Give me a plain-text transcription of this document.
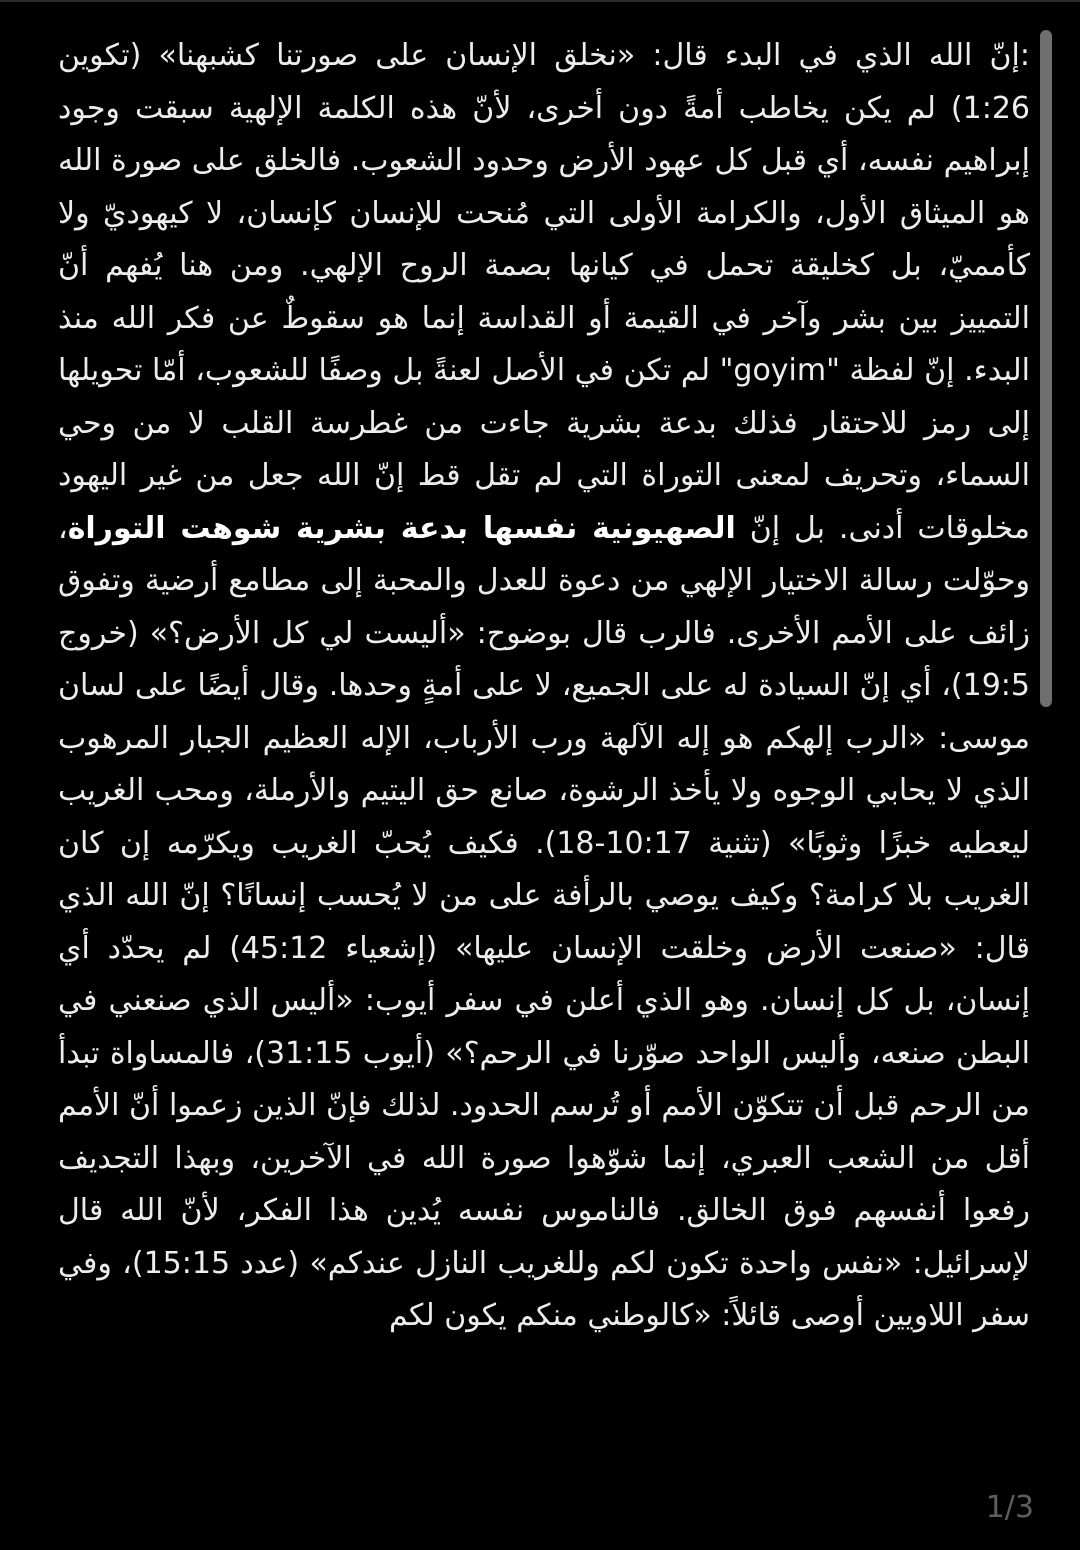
:إنّ الله الذي في البدء قال: «نخلق الإنسان على صورتنا كشبهنا» (تكوين 1:26) لم يكن يخاطب أمةً دون أخرى، لأنّ هذه الكلمة الإلهية سبقت وجود إبراهيم نفسه، أي قبل كل عهود الأرض وحدود الشعوب. فالخلق على صورة الله هو الميثاق الأول، والكرامة الأولى التي مُنحت للإنسان كإنسان، لا كيهوديّ ولا كأمميّ، بل كخليقة تحمل في كيانها بصمة الروح الإلهي. ومن هنا يُفهم أنّ التمييز بين بشر وآخر في القيمة أو القداسة إنما هو سقوطٌ عن فكر الله منذ البدء. إنّ لفظة "goyim" لم تكن في الأصل لعنةً بل وصفًا للشعوب، أمّا تحويلها إلى رمز للاحتقار فذلك بدعة بشرية جاءت من غطرسة القلب لا من وحي السماء، وتحريف لمعنى التوراة التي لم تقل قط إنّ الله جعل من غير اليهود مخلوقات أدنى. بل إنّ الصهيونية نفسها بدعة بشرية شوهت التوراة، وحوّلت رسالة الاختيار الإلهي من دعوة للعدل والمحبة إلى مطامع أرضية وتفوق زائف على الأمم الأخرى. فالرب قال بوضوح: «أليست لي كل الأرض؟» (خروج 19:5)، أي إنّ السيادة له على الجميع، لا على أمةٍ وحدها. وقال أيضًا على لسان موسى: «الرب إلهكم هو إله الآلهة ورب الأرباب، الإله العظيم الجبار المرهوب الذي لا يحابي الوجوه ولا يأخذ الرشوة، صانع حق اليتيم والأرملة، ومحب الغريب ليعطيه خبزًا وثوبًا» (تثنية 10:17-18). فكيف يُحبّ الغريب ويكرّمه إن كان الغريب بلا كرامة؟ وكيف يوصي بالرأفة على من لا يُحسب إنسانًا؟ إنّ الله الذي قال: «صنعت الأرض وخلقت الإنسان عليها» (إشعياء 45:12) لم يحدّد أي إنسان، بل كل إنسان. وهو الذي أعلن في سفر أيوب: «أليس الذي صنعني في البطن صنعه، وأليس الواحد صوّرنا في الرحم؟» (أيوب 31:15)، فالمساواة تبدأ من الرحم قبل أن تتكوّن الأمم أو تُرسم الحدود. لذلك فإنّ الذين زعموا أنّ الأمم أقل من الشعب العبري، إنما شوّهوا صورة الله في الآخرين، وبهذا التجديف رفعوا أنفسهم فوق الخالق. فالناموس نفسه يُدين هذا الفكر، لأنّ الله قال لإسرائيل: «نفس واحدة تكون لكم وللغريب النازل عندكم» (عدد 15:15)، وفي سفر اللاويين أوصى قائلاً: «كالوطني منكم يكون لكم
1/3
